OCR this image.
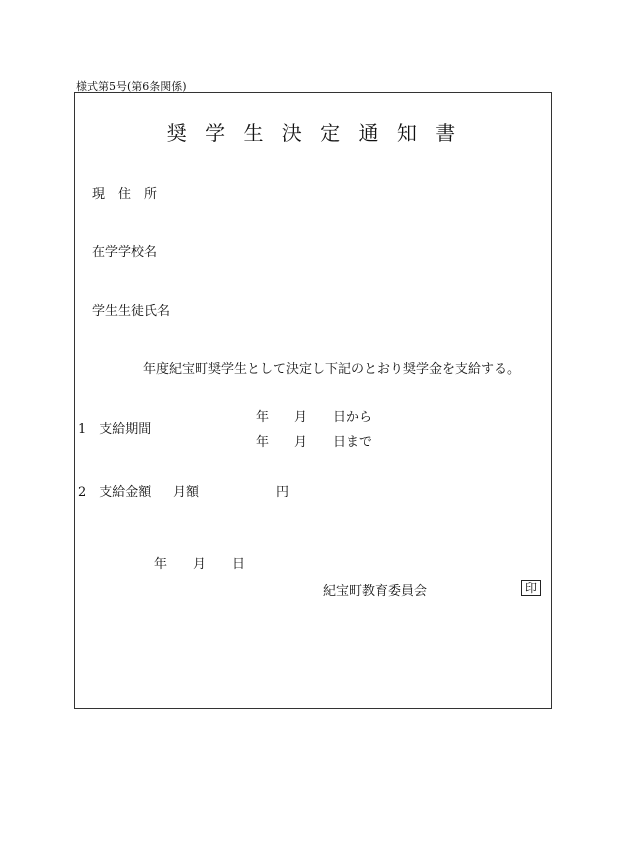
様式第5号(第6条関係)
奨 学 生 決 定 通 知 書
現　住　所
在学学校名
学生生徒氏名
年度紀宝町奨学生として決定し下記のとおり奨学金を支給する。
1　支給期間
年 月 日から
年 月 日まで
2　支給金額 月額	円
年 月 日
紀宝町教育委員会	印
